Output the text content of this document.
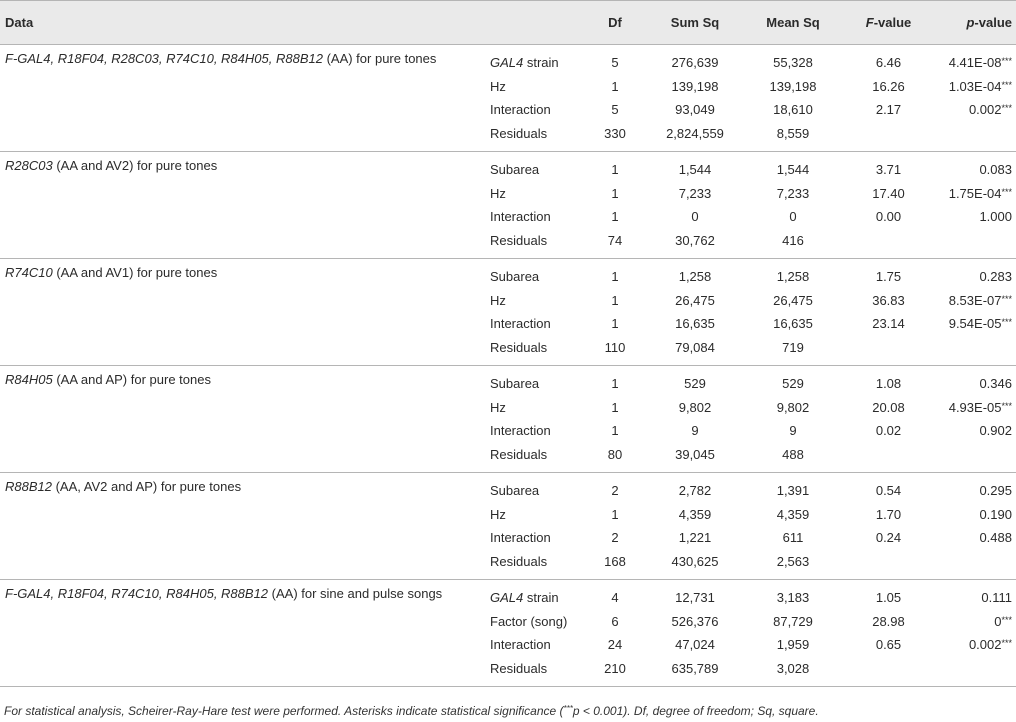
Data		Df	Sum Sq	Mean Sq	F-value	p-value
F-GAL4, R18F04, R28C03, R74C10, R84H05, R88B12 (AA) for pure tones	GAL4 strain	5	276,639	55,328	6.46	4.41E-08***
	Hz	1	139,198	139,198	16.26	1.03E-04***
	Interaction	5	93,049	18,610	2.17	0.002***
	Residuals	330	2,824,559	8,559		
R28C03 (AA and AV2) for pure tones	Subarea	1	1,544	1,544	3.71	0.083
	Hz	1	7,233	7,233	17.40	1.75E-04***
	Interaction	1	0	0	0.00	1.000
	Residuals	74	30,762	416		
R74C10 (AA and AV1) for pure tones	Subarea	1	1,258	1,258	1.75	0.283
	Hz	1	26,475	26,475	36.83	8.53E-07***
	Interaction	1	16,635	16,635	23.14	9.54E-05***
	Residuals	110	79,084	719		
R84H05 (AA and AP) for pure tones	Subarea	1	529	529	1.08	0.346
	Hz	1	9,802	9,802	20.08	4.93E-05***
	Interaction	1	9	9	0.02	0.902
	Residuals	80	39,045	488		
R88B12 (AA, AV2 and AP) for pure tones	Subarea	2	2,782	1,391	0.54	0.295
	Hz	1	4,359	4,359	1.70	0.190
	Interaction	2	1,221	611	0.24	0.488
	Residuals	168	430,625	2,563		
F-GAL4, R18F04, R74C10, R84H05, R88B12 (AA) for sine and pulse songs	GAL4 strain	4	12,731	3,183	1.05	0.111
	Factor (song)	6	526,376	87,729	28.98	0***
	Interaction	24	47,024	1,959	0.65	0.002***
	Residuals	210	635,789	3,028		
For statistical analysis, Scheirer-Ray-Hare test were performed. Asterisks indicate statistical significance (***p < 0.001). Df, degree of freedom; Sq, square.
